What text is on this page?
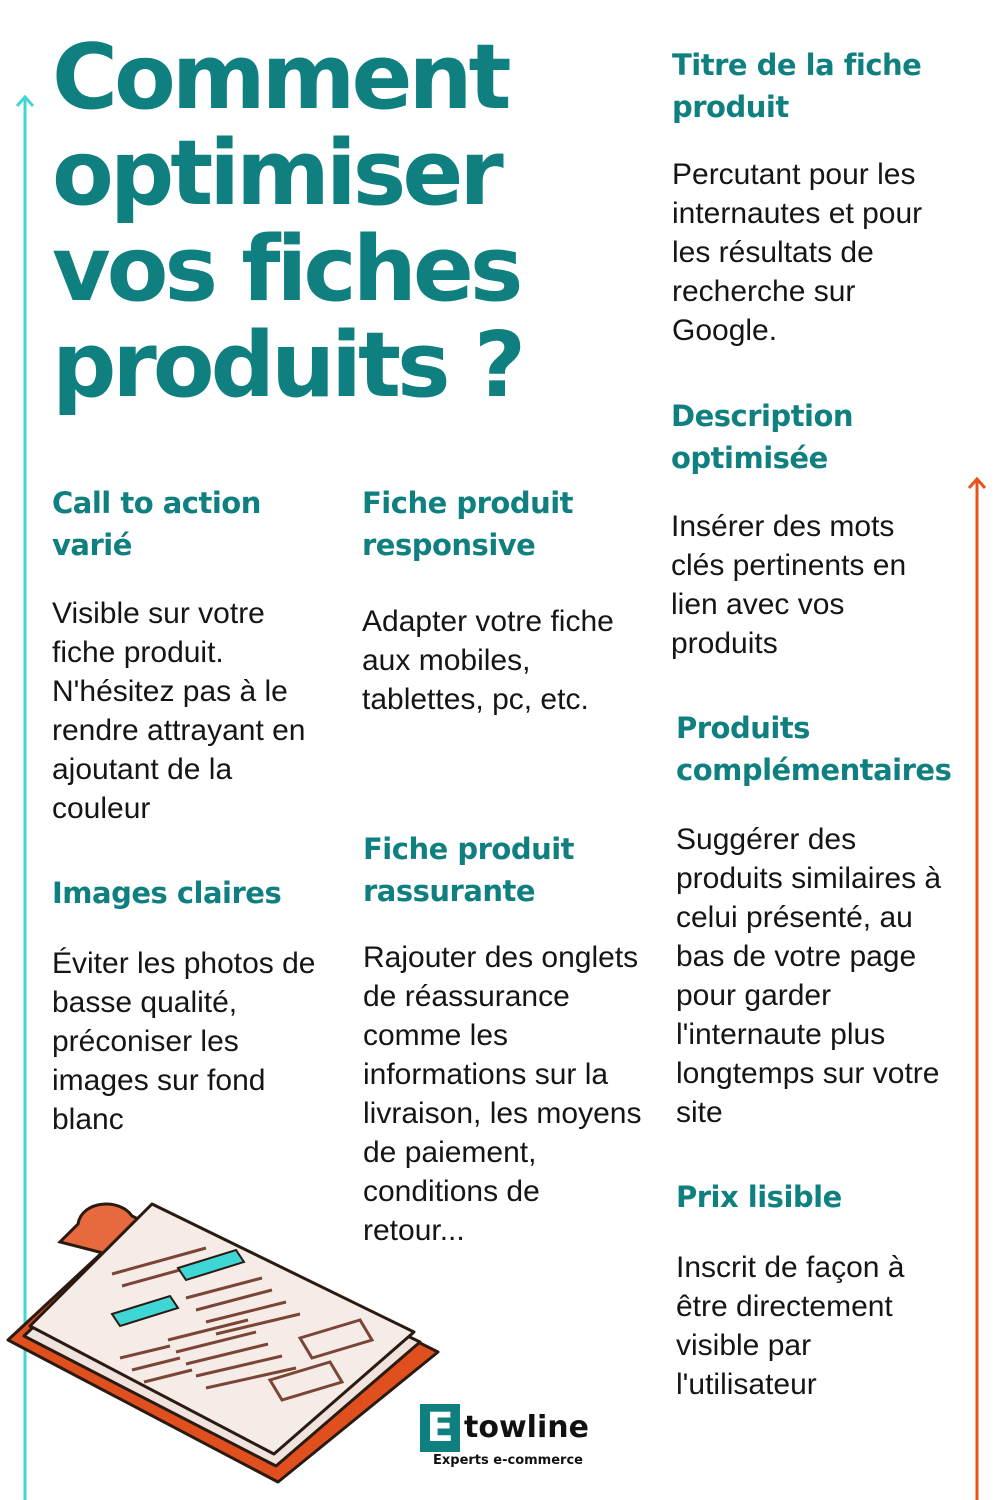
Comment optimiser vos fiches produits ?
Call to action varié

Visible sur votre fiche produit. N'hésitez pas à le rendre attrayant en ajoutant de la couleur

Images claires

Éviter les photos de basse qualité, préconiser les images sur fond blanc

Fiche produit responsive

Adapter votre fiche aux mobiles, tablettes, pc, etc.

Fiche produit rassurante

Rajouter des onglets de réassurance comme les informations sur la livraison, les moyens de paiement, conditions de retour...

Titre de la fiche produit

Percutant pour les internautes et pour les résultats de recherche sur Google.

Description optimisée

Insérer des mots clés pertinents en lien avec vos produits

Produits complémentaires

Suggérer des produits similaires à celui présenté, au bas de votre page pour garder l'internaute plus longtemps sur votre site

Prix lisible

Inscrit de façon à être directement visible par l'utilisateur

E towline
Experts e-commerce
